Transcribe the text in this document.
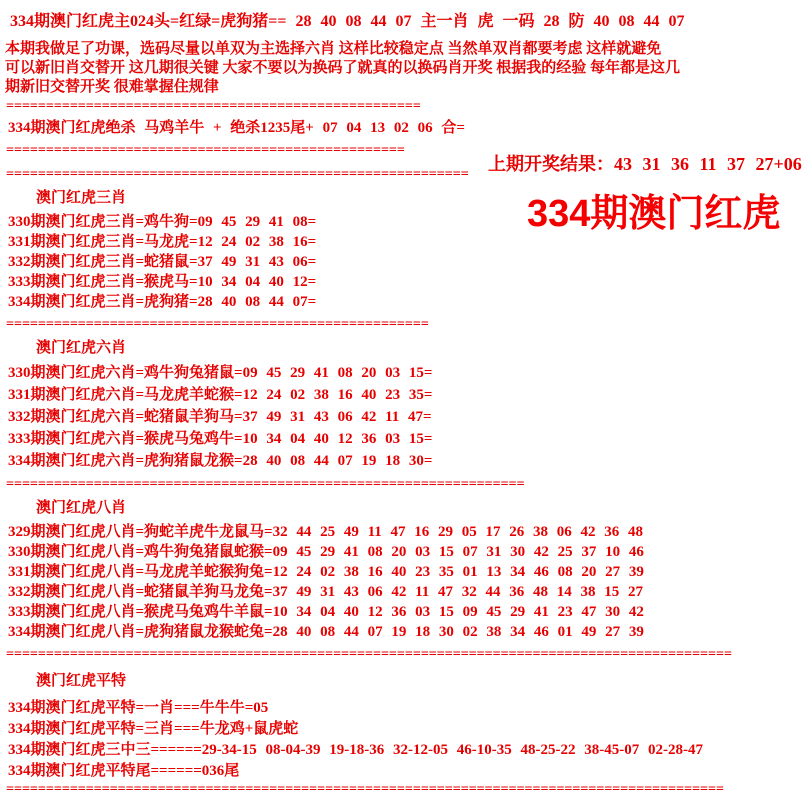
334期澳门红虎主024头=红绿=虎狗猪== 28 40 08 44 07 主一肖 虎 一码 28 防 40 08 44 07
本期我做足了功课，选码尽量以单双为主选择六肖 这样比较稳定点 当然单双肖都要考虑 这样就避免
可以新旧肖交替开 这几期很关键 大家不要以为换码了就真的以换码肖开奖 根据我的经验 每年都是这几
期新旧交替开奖 很难掌握住规律
====================================================
334期澳门红虎绝杀 马鸡羊牛 + 绝杀1235尾+ 07 04 13 02 06 合=
==================================================
==========================================================
澳门红虎三肖
330期澳门红虎三肖=鸡牛狗=09 45 29 41 08=
331期澳门红虎三肖=马龙虎=12 24 02 38 16=
332期澳门红虎三肖=蛇猪鼠=37 49 31 43 06=
333期澳门红虎三肖=猴虎马=10 34 04 40 12=
334期澳门红虎三肖=虎狗猪=28 40 08 44 07=
=====================================================
澳门红虎六肖
330期澳门红虎六肖=鸡牛狗兔猪鼠=09 45 29 41 08 20 03 15=
331期澳门红虎六肖=马龙虎羊蛇猴=12 24 02 38 16 40 23 35=
332期澳门红虎六肖=蛇猪鼠羊狗马=37 49 31 43 06 42 11 47=
333期澳门红虎六肖=猴虎马兔鸡牛=10 34 04 40 12 36 03 15=
334期澳门红虎六肖=虎狗猪鼠龙猴=28 40 08 44 07 19 18 30=
=================================================================
澳门红虎八肖
329期澳门红虎八肖=狗蛇羊虎牛龙鼠马=32 44 25 49 11 47 16 29 05 17 26 38 06 42 36 48
330期澳门红虎八肖=鸡牛狗兔猪鼠蛇猴=09 45 29 41 08 20 03 15 07 31 30 42 25 37 10 46
331期澳门红虎八肖=马龙虎羊蛇猴狗兔=12 24 02 38 16 40 23 35 01 13 34 46 08 20 27 39
332期澳门红虎八肖=蛇猪鼠羊狗马龙兔=37 49 31 43 06 42 11 47 32 44 36 48 14 38 15 27
333期澳门红虎八肖=猴虎马兔鸡牛羊鼠=10 34 04 40 12 36 03 15 09 45 29 41 23 47 30 42
334期澳门红虎八肖=虎狗猪鼠龙猴蛇兔=28 40 08 44 07 19 18 30 02 38 34 46 01 49 27 39
===========================================================================================
澳门红虎平特
334期澳门红虎平特=一肖===牛牛牛=05
334期澳门红虎平特=三肖===牛龙鸡+鼠虎蛇
334期澳门红虎三中三======29-34-15 08-04-39 19-18-36 32-12-05 46-10-35 48-25-22 38-45-07 02-28-47
334期澳门红虎平特尾======036尾
==========================================================================================
上期开奖结果：43 31 36 11 37 27+06
334期澳门红虎
